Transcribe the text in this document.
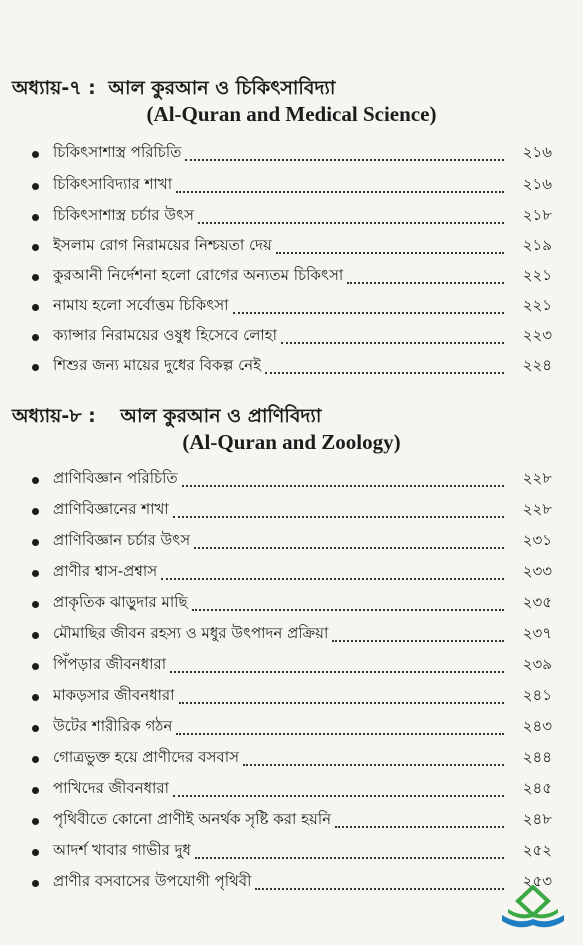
অধ্যায়-৭ : আল কুরআন ও চিকিৎসাবিদ্যা
(Al-Quran and Medical Science)
চিকিৎসাশাস্ত্র পরিচিতি	২১৬
চিকিৎসাবিদ্যার শাখা	২১৬
চিকিৎসাশাস্ত্র চর্চার উৎস	২১৮
ইসলাম রোগ নিরাময়ের নিশ্চয়তা দেয়	২১৯
কুরআনী নির্দেশনা হলো রোগের অন্যতম চিকিৎসা	২২১
নামায হলো সর্বোত্তম চিকিৎসা	২২১
ক্যান্সার নিরাময়ের ওষুধ হিসেবে লোহা	২২৩
শিশুর জন্য মায়ের দুধের বিকল্প নেই	২২৪
অধ্যায়-৮ : আল কুরআন ও প্রাণিবিদ্যা
(Al-Quran and Zoology)
প্রাণিবিজ্ঞান পরিচিতি	২২৮
প্রাণিবিজ্ঞানের শাখা	২২৮
প্রাণিবিজ্ঞান চর্চার উৎস	২৩১
প্রাণীর শ্বাস-প্রশ্বাস	২৩৩
প্রাকৃতিক ঝাড়ুদার মাছি	২৩৫
মৌমাছির জীবন রহস্য ও মধুর উৎপাদন প্রক্রিয়া	২৩৭
পিঁপড়ার জীবনধারা	২৩৯
মাকড়সার জীবনধারা	২৪১
উটের শারীরিক গঠন	২৪৩
গোত্রভুক্ত হয়ে প্রাণীদের বসবাস	২৪৪
পাখিদের জীবনধারা	২৪৫
পৃথিবীতে কোনো প্রাণীই অনর্থক সৃষ্টি করা হয়নি	২৪৮
আদর্শ খাবার গাভীর দুধ	২৫২
প্রাণীর বসবাসের উপযোগী পৃথিবী	২৫৩
